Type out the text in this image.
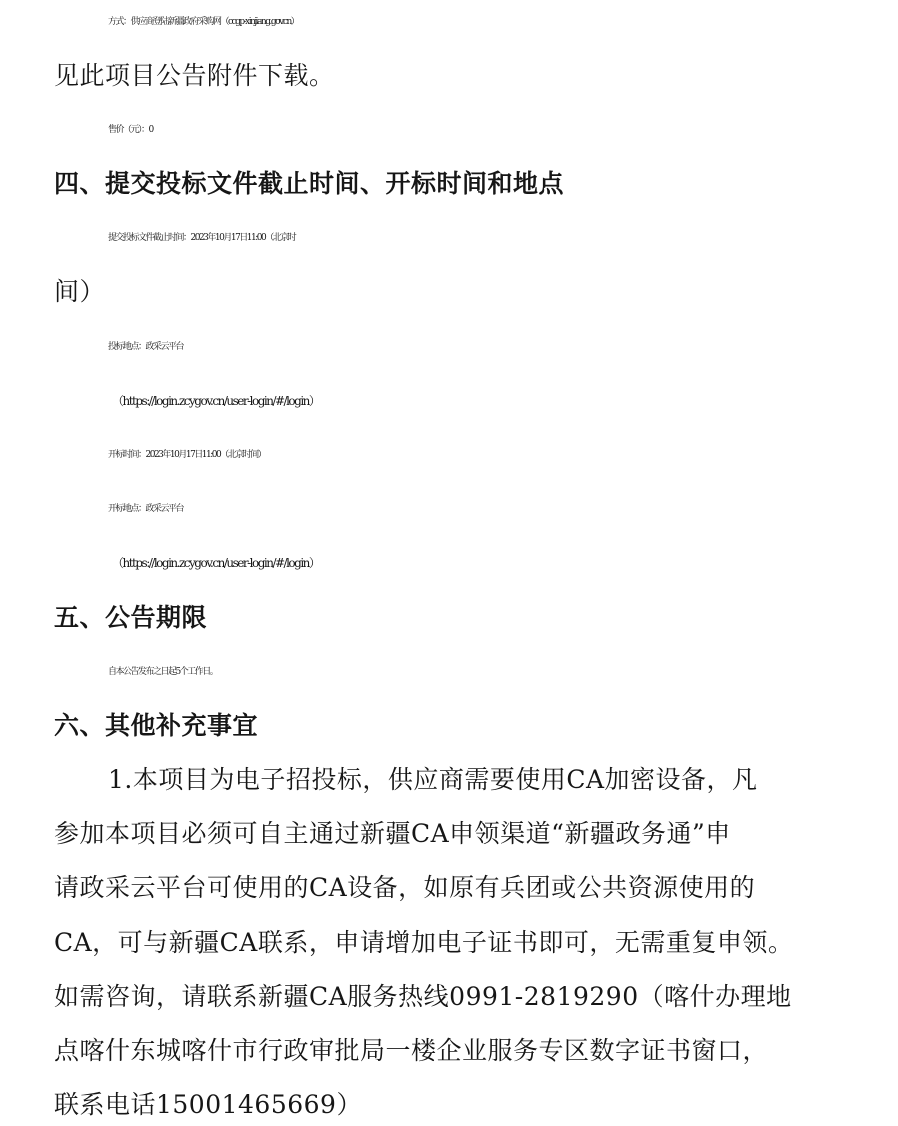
方式：供应商登陆新疆政府采购网（ccgp-xinjiang.gov.cn）
见此项目公告附件下载。
售价（元）：0
四、提交投标文件截止时间、开标时间和地点
提交投标文件截止时间：2023年10月17日11:00（北京时
间）
投标地点：政采云平台
（https://login.zcygov.cn/user-login/#/login）
开标时间：2023年10月17日11:00（北京时间）
开标地点：政采云平台
（https://login.zcygov.cn/user-login/#/login）
五、公告期限
自本公告发布之日起5个工作日。
六、其他补充事宜
1.本项目为电子招投标，供应商需要使用CA加密设备，凡
参加本项目必须可自主通过新疆CA申领渠道“新疆政务通”申
请政采云平台可使用的CA设备，如原有兵团或公共资源使用的
CA，可与新疆CA联系，申请增加电子证书即可，无需重复申领。
如需咨询，请联系新疆CA服务热线0991-2819290（喀什办理地
点喀什东城喀什市行政审批局一楼企业服务专区数字证书窗口，
联系电话15001465669）
